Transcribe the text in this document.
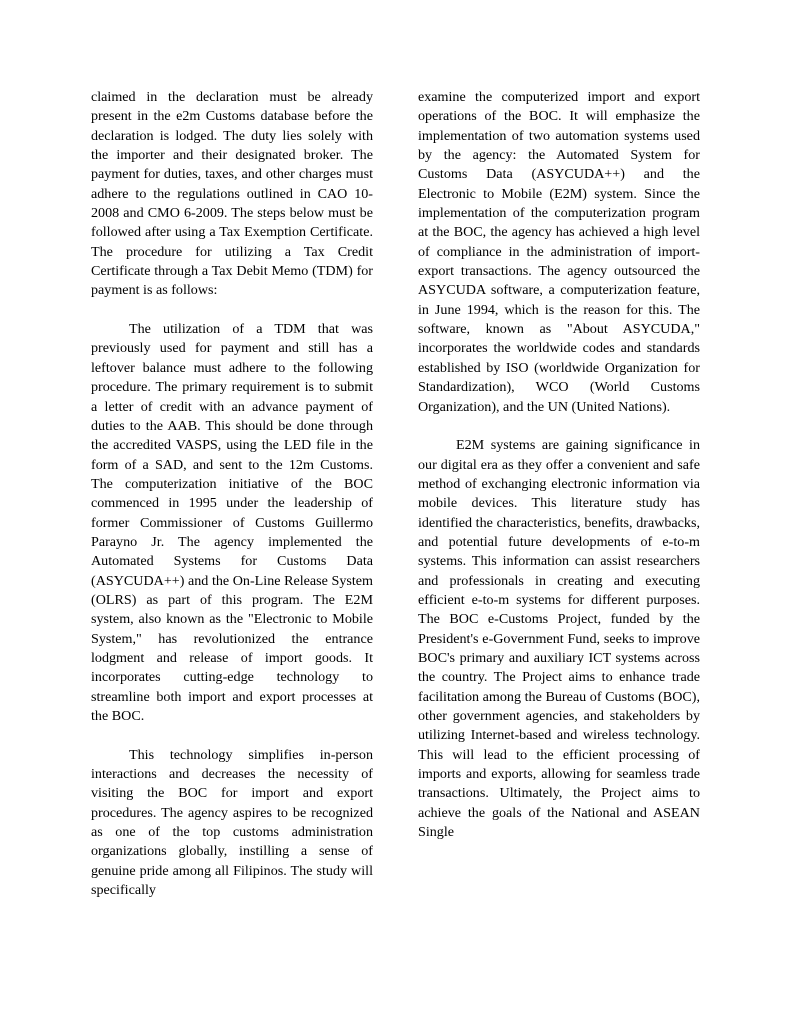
claimed in the declaration must be already present in the e2m Customs database before the declaration is lodged. The duty lies solely with the importer and their designated broker. The payment for duties, taxes, and other charges must adhere to the regulations outlined in CAO 10-2008 and CMO 6-2009. The steps below must be followed after using a Tax Exemption Certificate. The procedure for utilizing a Tax Credit Certificate through a Tax Debit Memo (TDM) for payment is as follows:

The utilization of a TDM that was previously used for payment and still has a leftover balance must adhere to the following procedure. The primary requirement is to submit a letter of credit with an advance payment of duties to the AAB. This should be done through the accredited VASPS, using the LED file in the form of a SAD, and sent to the 12m Customs. The computerization initiative of the BOC commenced in 1995 under the leadership of former Commissioner of Customs Guillermo Parayno Jr. The agency implemented the Automated Systems for Customs Data (ASYCUDA++) and the On-Line Release System (OLRS) as part of this program. The E2M system, also known as the "Electronic to Mobile System," has revolutionized the entrance lodgment and release of import goods. It incorporates cutting-edge technology to streamline both import and export processes at the BOC.

This technology simplifies in-person interactions and decreases the necessity of visiting the BOC for import and export procedures. The agency aspires to be recognized as one of the top customs administration organizations globally, instilling a sense of genuine pride among all Filipinos. The study will specifically

examine the computerized import and export operations of the BOC. It will emphasize the implementation of two automation systems used by the agency: the Automated System for Customs Data (ASYCUDA++) and the Electronic to Mobile (E2M) system. Since the implementation of the computerization program at the BOC, the agency has achieved a high level of compliance in the administration of import-export transactions. The agency outsourced the ASYCUDA software, a computerization feature, in June 1994, which is the reason for this. The software, known as "About ASYCUDA," incorporates the worldwide codes and standards established by ISO (worldwide Organization for Standardization), WCO (World Customs Organization), and the UN (United Nations).

E2M systems are gaining significance in our digital era as they offer a convenient and safe method of exchanging electronic information via mobile devices. This literature study has identified the characteristics, benefits, drawbacks, and potential future developments of e-to-m systems. This information can assist researchers and professionals in creating and executing efficient e-to-m systems for different purposes. The BOC e-Customs Project, funded by the President's e-Government Fund, seeks to improve BOC's primary and auxiliary ICT systems across the country. The Project aims to enhance trade facilitation among the Bureau of Customs (BOC), other government agencies, and stakeholders by utilizing Internet-based and wireless technology. This will lead to the efficient processing of imports and exports, allowing for seamless trade transactions. Ultimately, the Project aims to achieve the goals of the National and ASEAN Single
